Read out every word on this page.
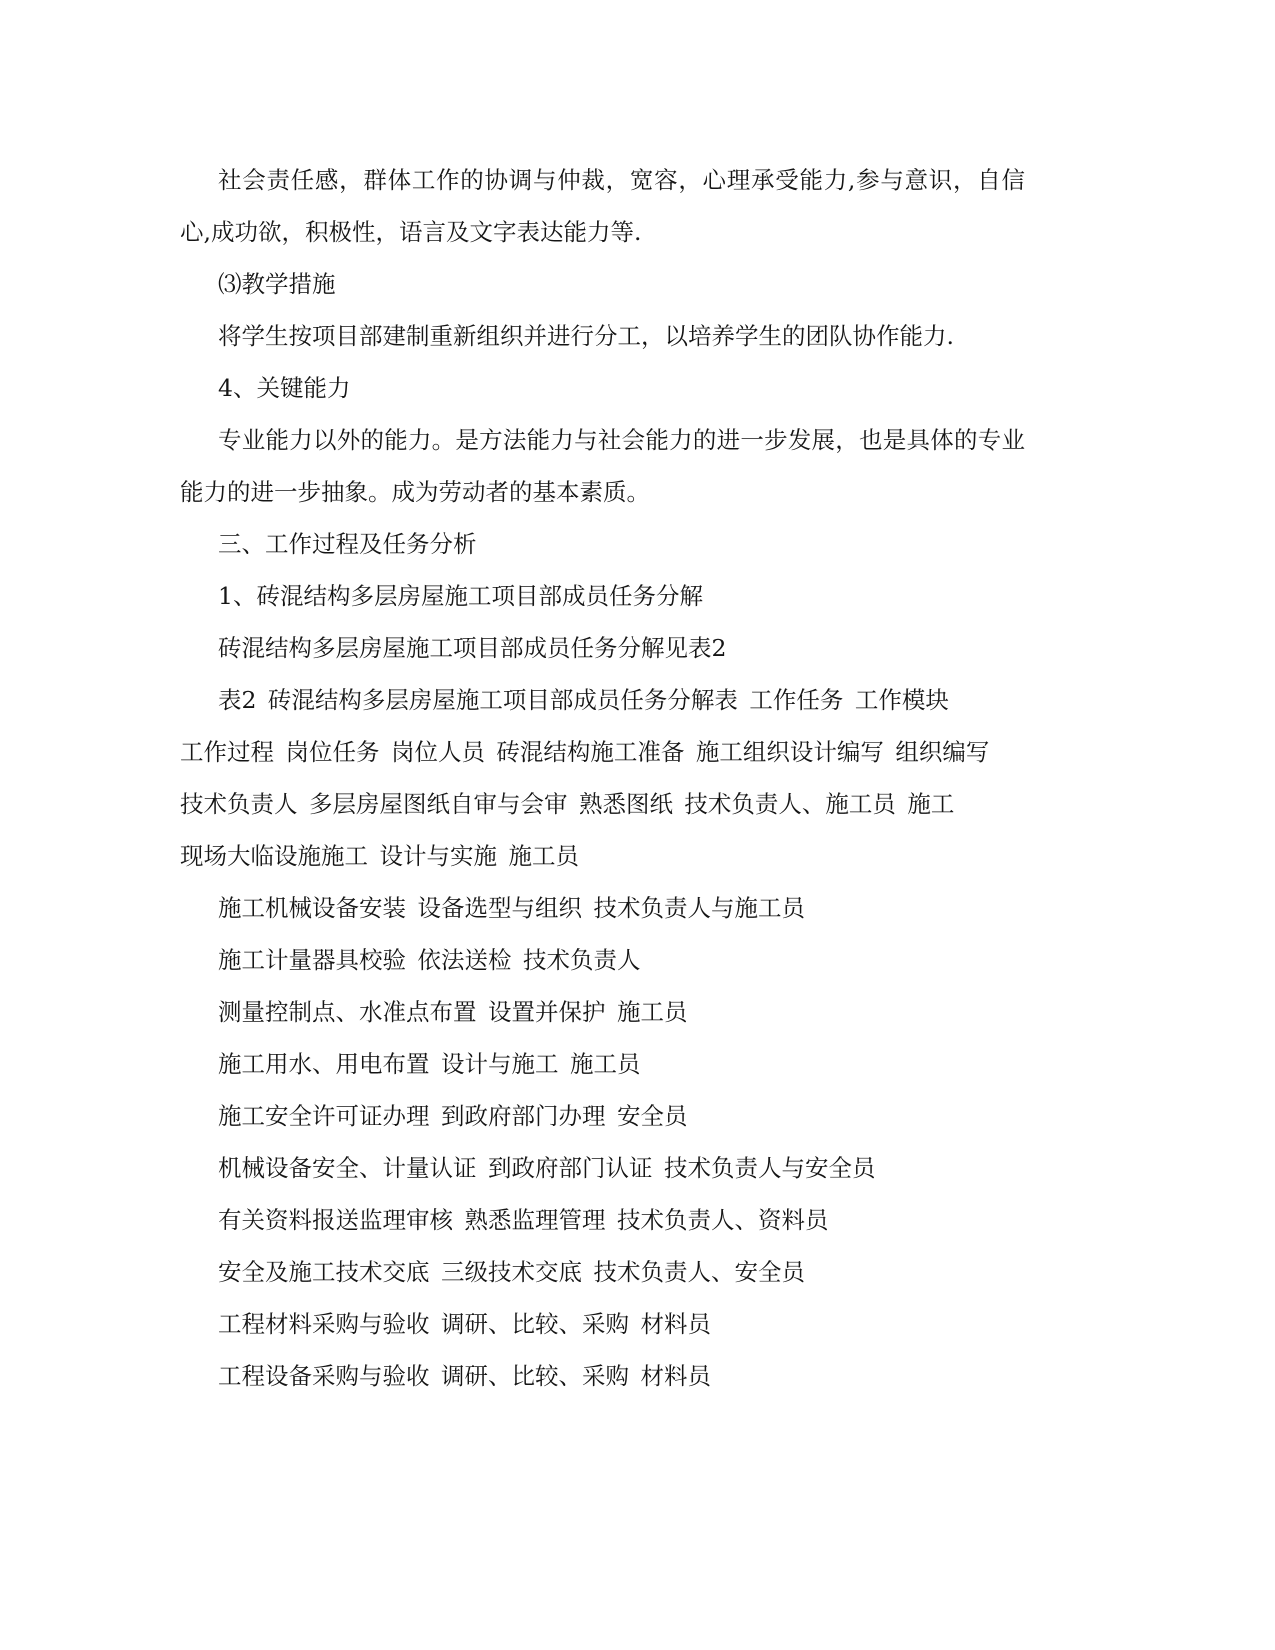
社会责任感，群体工作的协调与仲裁，宽容，心理承受能力,参与意识，自信
心,成功欲，积极性，语言及文字表达能力等.
⑶教学措施
将学生按项目部建制重新组织并进行分工，以培养学生的团队协作能力.
4、关键能力
专业能力以外的能力。是方法能力与社会能力的进一步发展，也是具体的专业
能力的进一步抽象。成为劳动者的基本素质。
三、工作过程及任务分析
1、砖混结构多层房屋施工项目部成员任务分解
砖混结构多层房屋施工项目部成员任务分解见表2
表2 砖混结构多层房屋施工项目部成员任务分解表 工作任务 工作模块
工作过程 岗位任务 岗位人员 砖混结构施工准备 施工组织设计编写 组织编写
技术负责人 多层房屋图纸自审与会审 熟悉图纸 技术负责人、施工员 施工
现场大临设施施工 设计与实施 施工员
施工机械设备安装 设备选型与组织 技术负责人与施工员
施工计量器具校验 依法送检 技术负责人
测量控制点、水准点布置 设置并保护 施工员
施工用水、用电布置 设计与施工 施工员
施工安全许可证办理 到政府部门办理 安全员
机械设备安全、计量认证 到政府部门认证 技术负责人与安全员
有关资料报送监理审核 熟悉监理管理 技术负责人、资料员
安全及施工技术交底 三级技术交底 技术负责人、安全员
工程材料采购与验收 调研、比较、采购 材料员
工程设备采购与验收 调研、比较、采购 材料员
